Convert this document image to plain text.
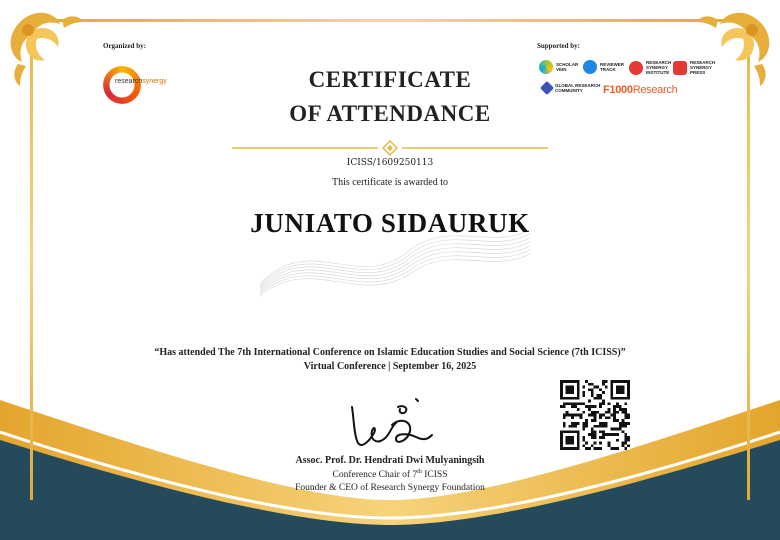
Organized by:	Supported by:
researchsynergy
SCHOLAR VEIN
REVIEWER TRACK
RESEARCH SYNERGY INSTITUTE
RESEARCH SYNERGY PRESS
GLOBAL RESEARCH COMMUNITY	F1000Research
CERTIFICATE
OF ATTENDANCE
ICISS/1609250113
This certificate is awarded to
JUNIATO SIDAURUK
“Has attended The 7th International Conference on Islamic Education Studies and Social Science (7th ICISS)”
Virtual Conference | September 16, 2025
Assoc. Prof. Dr. Hendrati Dwi Mulyaningsih
Conference Chair of 7th ICISS
Founder & CEO of Research Synergy Foundation
